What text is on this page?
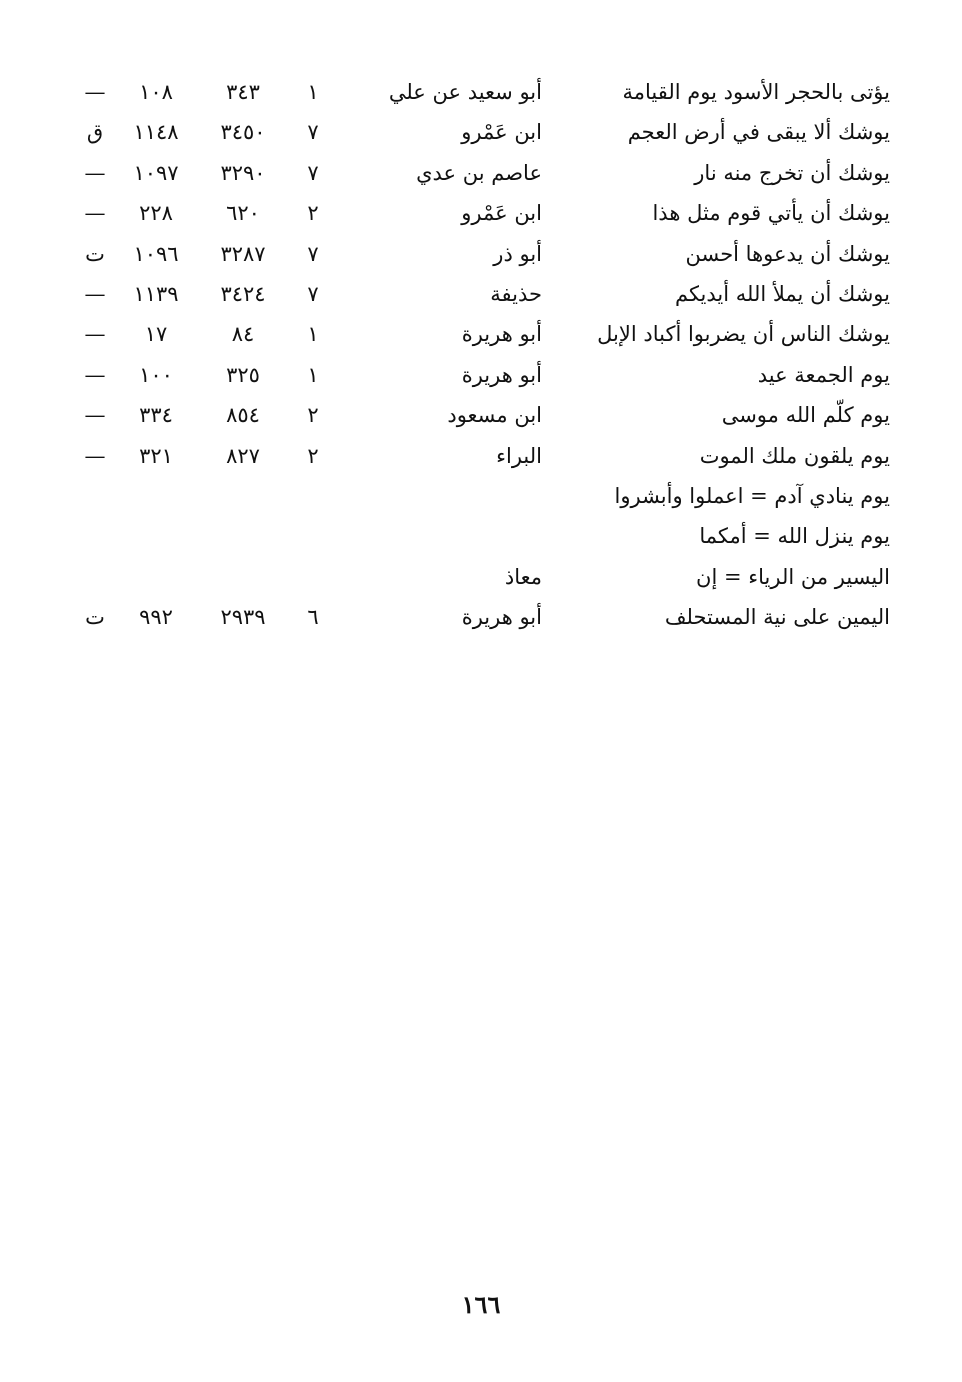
يؤتى بالحجر الأسود يوم القيامة
أبو سعيد عن علي
١
٣٤٣
١٠٨
—
يوشك ألا يبقى في أرض العجم
ابن عَمْرو
٧
٣٤٥٠
١١٤٨
ق
يوشك أن تخرج منه نار
عاصم بن عدي
٧
٣٢٩٠
١٠٩٧
—
يوشك أن يأتي قوم مثل هذا
ابن عَمْرو
٢
٦٢٠
٢٢٨
—
يوشك أن يدعوها أحسن
أبو ذر
٧
٣٢٨٧
١٠٩٦
ت
يوشك أن يملأ الله أيديكم
حذيفة
٧
٣٤٢٤
١١٣٩
—
يوشك الناس أن يضربوا أكباد الإبل
أبو هريرة
١
٨٤
١٧
—
يوم الجمعة عيد
أبو هريرة
١
٣٢٥
١٠٠
—
يوم كلّم الله موسى
ابن مسعود
٢
٨٥٤
٣٣٤
—
يوم يلقون ملك الموت
البراء
٢
٨٢٧
٣٢١
—
يوم ينادي آدم = اعملوا وأبشروا
يوم ينزل الله = أمكما
اليسير من الرياء = إن
معاذ
اليمين على نية المستحلف
أبو هريرة
٦
٢٩٣٩
٩٩٢
ت
١٦٦
